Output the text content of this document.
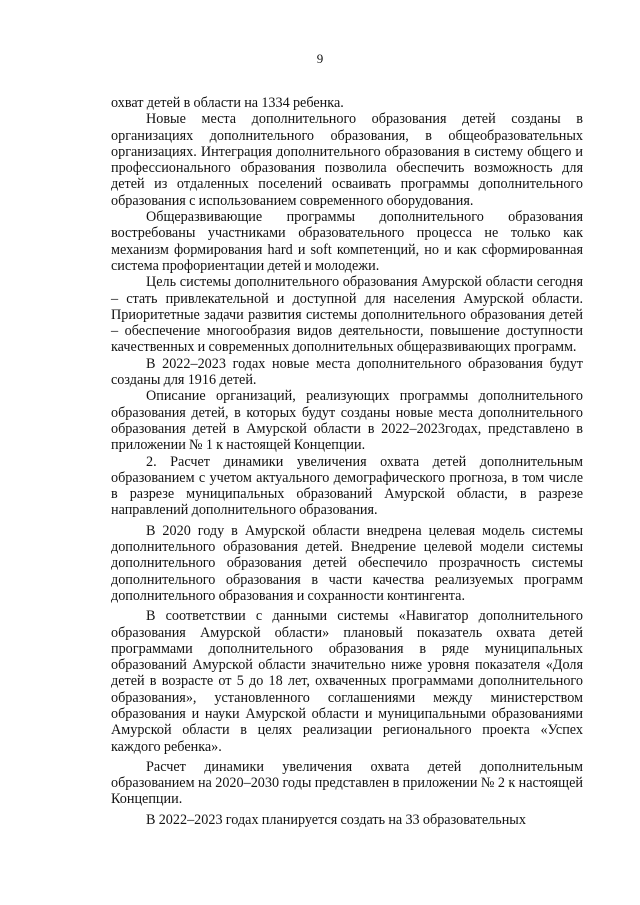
9

охват детей в области на 1334 ребенка.

Новые места дополнительного образования детей созданы в организациях дополнительного образования, в общеобразовательных организациях. Интеграция дополнительного образования в систему общего и профессионального образования позволила обеспечить возможность для детей из отдаленных поселений осваивать программы дополнительного образования с использованием современного оборудования.

Общеразвивающие программы дополнительного образования востребованы участниками образовательного процесса не только как механизм формирования hard и soft компетенций, но и как сформированная система профориентации детей и молодежи.

Цель системы дополнительного образования Амурской области сегодня – стать привлекательной и доступной для населения Амурской области. Приоритетные задачи развития системы дополнительного образования детей – обеспечение многообразия видов деятельности, повышение доступности качественных и современных дополнительных общеразвивающих программ.

В 2022–2023 годах новые места дополнительного образования будут созданы для 1916 детей.

Описание организаций, реализующих программы дополнительного образования детей, в которых будут созданы новые места дополнительного образования детей в Амурской области в 2022–2023годах, представлено в приложении № 1 к настоящей Концепции.

2. Расчет динамики увеличения охвата детей дополнительным образованием с учетом актуального демографического прогноза, в том числе в разрезе муниципальных образований Амурской области, в разрезе направлений дополнительного образования.

В 2020 году в Амурской области внедрена целевая модель системы дополнительного образования детей. Внедрение целевой модели системы дополнительного образования детей обеспечило прозрачность системы дополнительного образования в части качества реализуемых программ дополнительного образования и сохранности контингента.

В соответствии с данными системы «Навигатор дополнительного образования Амурской области» плановый показатель охвата детей программами дополнительного образования в ряде муниципальных образований Амурской области значительно ниже уровня показателя «Доля детей в возрасте от 5 до 18 лет, охваченных программами дополнительного образования», установленного соглашениями между министерством образования и науки Амурской области и муниципальными образованиями Амурской области в целях реализации регионального проекта «Успех каждого ребенка».

Расчет динамики увеличения охвата детей дополнительным образованием на 2020–2030 годы представлен в приложении № 2 к настоящей Концепции.

В 2022–2023 годах планируется создать на 33 образовательных
